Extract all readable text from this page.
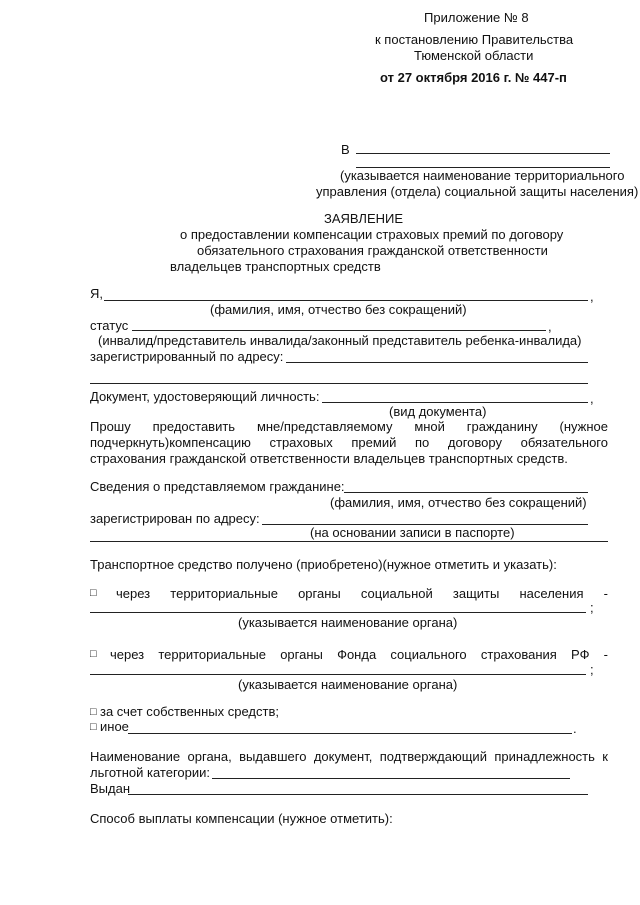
Приложение № 8
к постановлению Правительства
Тюменской области
от 27 октября 2016 г. № 447-п
В
(указывается наименование территориального
управления (отдела) социальной защиты населения)
ЗАЯВЛЕНИЕ
о предоставлении компенсации страховых премий по договору
обязательного страхования гражданской ответственности
владельцев транспортных средств
Я,	,
(фамилия, имя, отчество без сокращений)
статус	,
(инвалид/представитель инвалида/законный представитель ребенка-инвалида)
зарегистрированный по адресу:
Документ, удостоверяющий личность:	,
(вид документа)
Прошу предоставить мне/представляемому мной гражданину (нужное
подчеркнуть)компенсацию страховых премий по договору обязательного
страхования гражданской ответственности владельцев транспортных средств.
Сведения о представляемом гражданине:
(фамилия, имя, отчество без сокращений)
зарегистрирован по адресу:
(на основании записи в паспорте)
Транспортное средство получено (приобретено)(нужное отметить и указать):
□ через территориальные органы социальной защиты населения -
;
(указывается наименование органа)
□ через территориальные органы Фонда социального страхования РФ -
;
(указывается наименование органа)
□ за счет собственных средств;
□ иное	.
Наименование органа, выдавшего документ, подтверждающий принадлежность к
льготной категории:
Выдан
Способ выплаты компенсации (нужное отметить):
